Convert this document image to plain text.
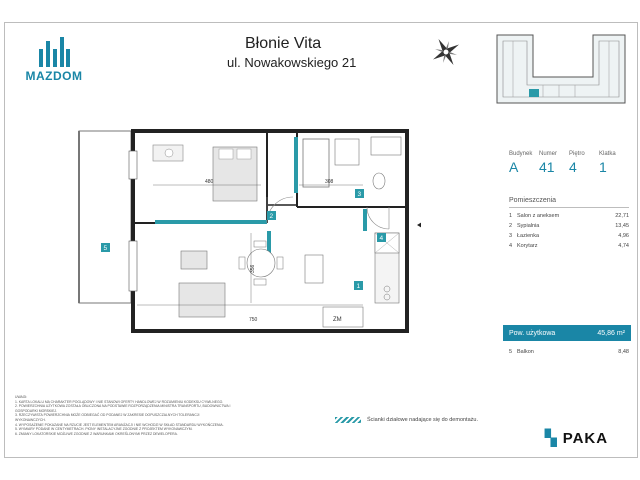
MAZDOM
Błonie Vita
ul. Nowakowskiego 21
480	308
750
356
ZM
2
3
4
1
5
Budynek	Numer	Piętro	Klatka
A	41	4	1
Pomieszczenia
1 Salon z aneksem	22,71
2 Sypialnia	13,45
3 Łazienka	4,96
4 Korytarz	4,74
Pow. użytkowa	45,86 m²
5 Balkon	8,48
UWAGI:
1. KARTA LOKALU MA CHARAKTER POGLĄDOWY I NIE STANOWI OFERTY HANDLOWEJ W ROZUMIENIU KODEKSU CYWILNEGO.
2. POWIERZCHNIA UŻYTKOWA ZOSTAŁA OBLICZONA NA PODSTAWIE ROZPORZĄDZENIA MINISTRA TRANSPORTU, BUDOWNICTWA I GOSPODARKI MORSKIEJ.
3. RZECZYWISTA POWIERZCHNIA MOŻE ODBIEGAĆ OD PODANEJ W ZAKRESIE DOPUSZCZALNYCH TOLERANCJI WYKONAWCZYCH.
4. WYPOSAŻENIE POKAZANE NA RZUCIE JEST ELEMENTEM ARANŻACJI I NIE WCHODZI W SKŁAD STANDARDU WYKOŃCZENIA.
5. WYMIARY PODANE W CENTYMETRACH. PIONY INSTALACYJNE ZGODNIE Z PROJEKTEM WYKONAWCZYM.
6. ZMIANY LOKATORSKIE MOŻLIWE ZGODNIE Z WARUNKAMI OKREŚLONYMI PRZEZ DEWELOPERA.
Ścianki działowe nadające się do demontażu.
▚ PAKA
